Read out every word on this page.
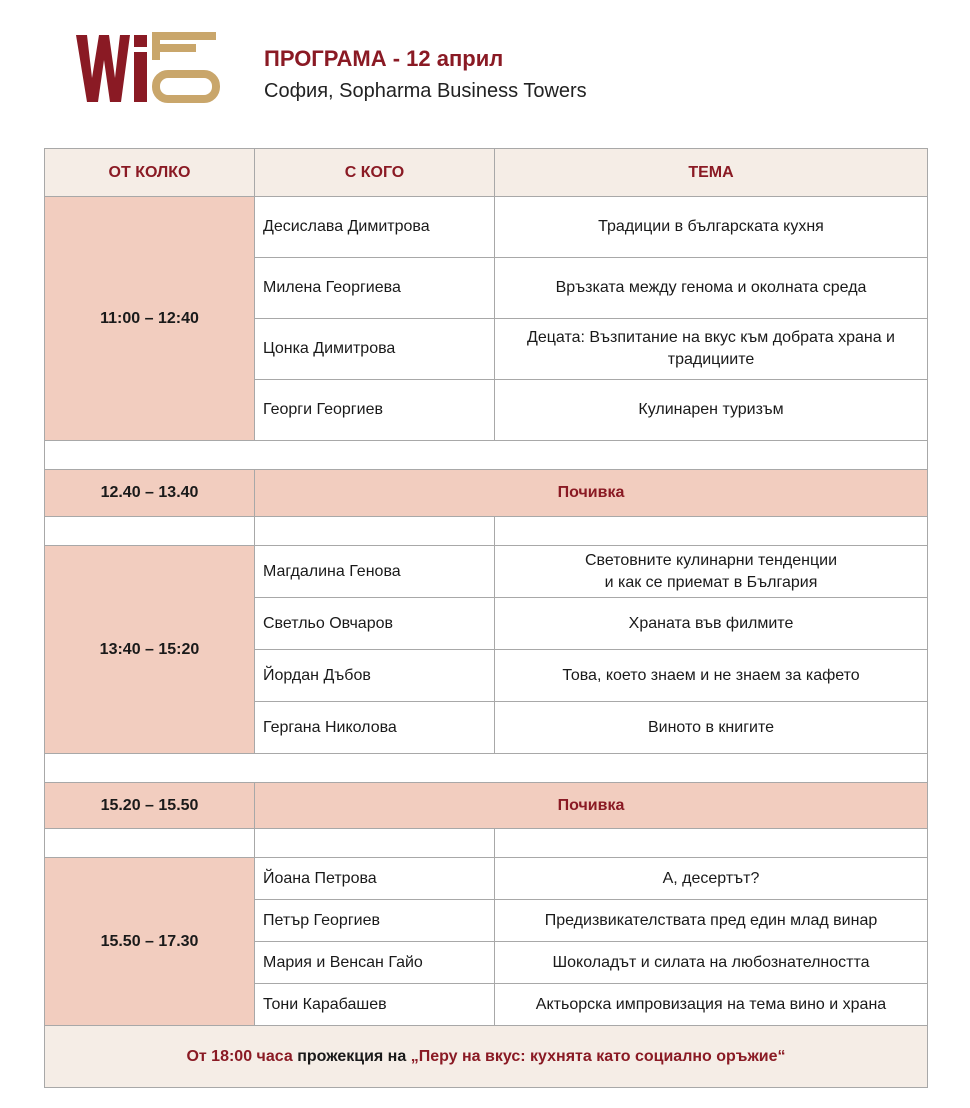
ПРОГРАМА - 12 април
София, Sopharma Business Towers
ОТ КОЛКО	С КОГО	ТЕМА
11:00 – 12:40	Десислава Димитрова	Традиции в българската кухня
	Милена Георгиева	Връзката между генома и околната среда
	Цонка Димитрова	Децата: Възпитание на вкус към добрата храна и традициите
	Георги Георгиев	Кулинарен туризъм

12.40 – 13.40	Почивка	

13:40 – 15:20	Магдалина Генова	Световните кулинарни тенденции
и как се приемат в България

	Светльо Овчаров	Храната във филмите
	Йордан Дъбов	Това, което знаем и не знаем за кафето
	Гергана Николова	Виното в книгите

15.20 – 15.50	Почивка	

15.50 – 17.30	Йоана Петрова	А, десертът?
	Петър Георгиев	Предизвикателствата пред един млад винар
	Мария и Венсан Гайо	Шоколадът и силата на любознателността
	Тони Карабашев	Актьорска импровизация на тема вино и храна
От 18:00 часа прожекция на „Перу на вкус: кухнята като социално оръжие“		
